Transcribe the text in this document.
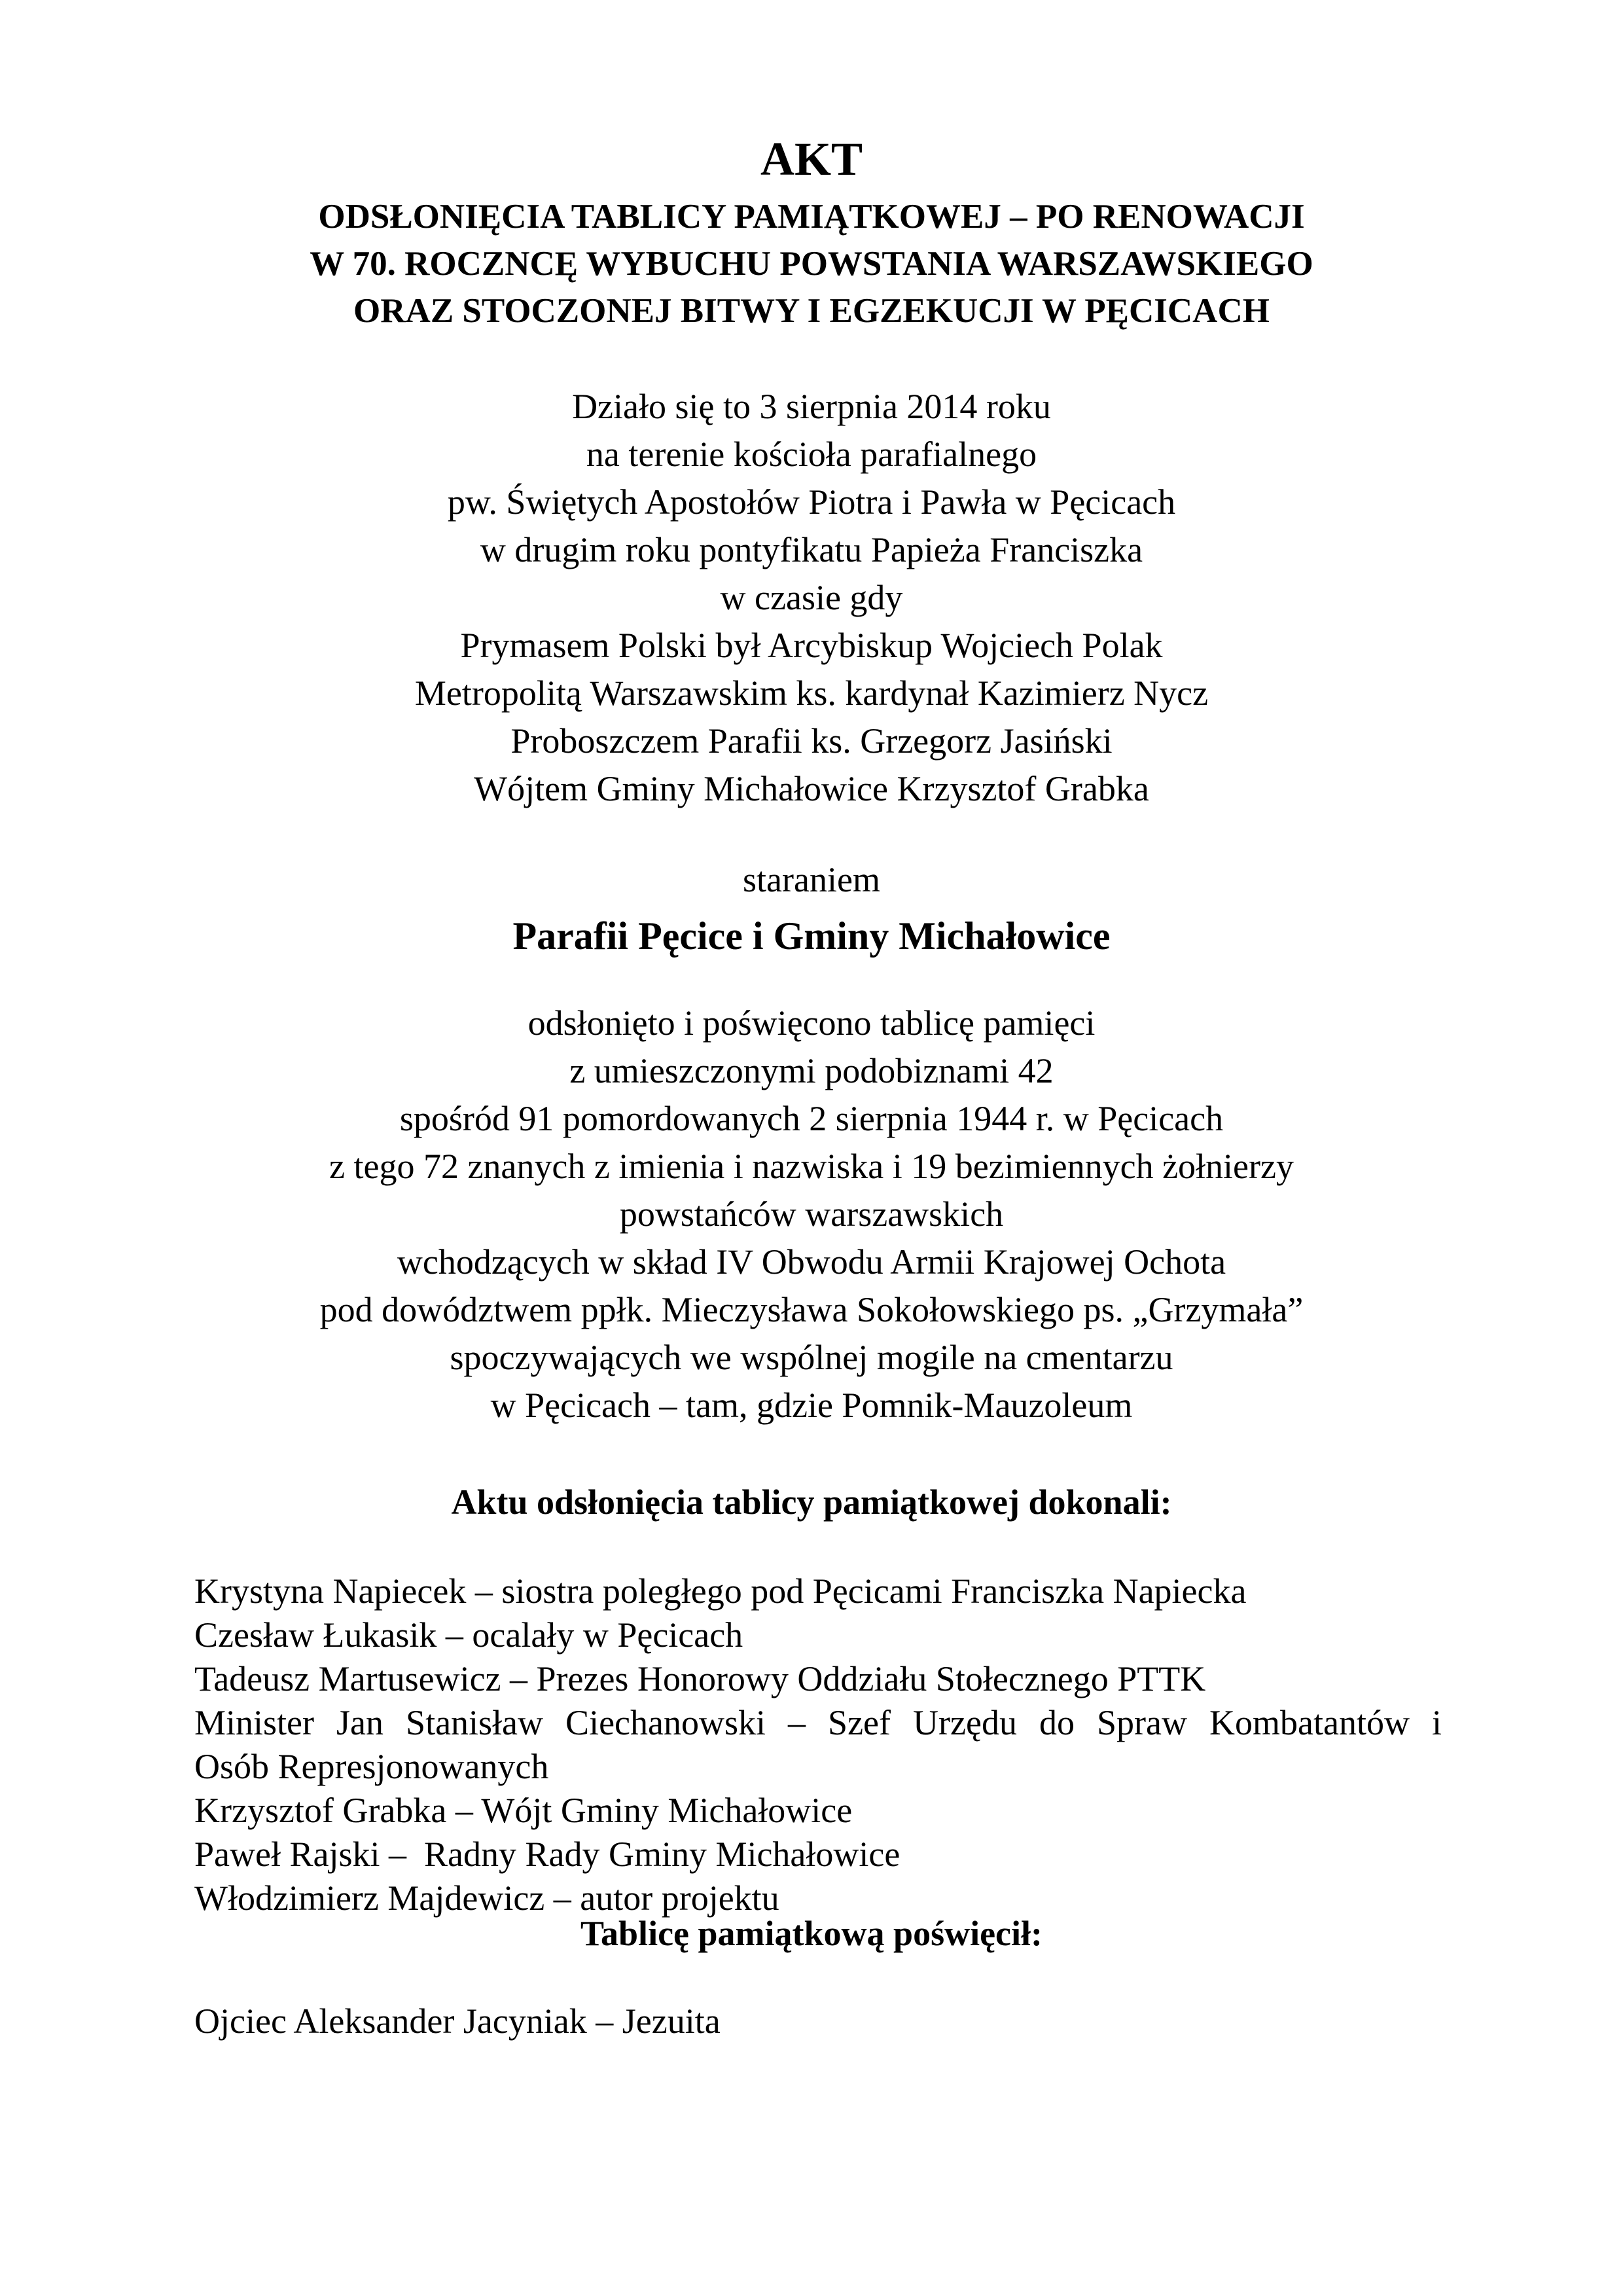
AKT
ODSŁONIĘCIA TABLICY PAMIĄTKOWEJ – PO RENOWACJI
W 70. ROCZNCĘ WYBUCHU POWSTANIA WARSZAWSKIEGO
ORAZ STOCZONEJ BITWY I EGZEKUCJI W PĘCICACH
Działo się to 3 sierpnia 2014 roku
na terenie kościoła parafialnego
pw. Świętych Apostołów Piotra i Pawła w Pęcicach
w drugim roku pontyfikatu Papieża Franciszka
w czasie gdy
Prymasem Polski był Arcybiskup Wojciech Polak
Metropolitą Warszawskim ks. kardynał Kazimierz Nycz
Proboszczem Parafii ks. Grzegorz Jasiński
Wójtem Gminy Michałowice Krzysztof Grabka
staraniem
Parafii Pęcice i Gminy Michałowice
odsłonięto i poświęcono tablicę pamięci
z umieszczonymi podobiznami 42
spośród 91 pomordowanych 2 sierpnia 1944 r. w Pęcicach
z tego 72 znanych z imienia i nazwiska i 19 bezimiennych żołnierzy
powstańców warszawskich
wchodzących w skład IV Obwodu Armii Krajowej Ochota
pod dowództwem ppłk. Mieczysława Sokołowskiego ps. „Grzymała”
spoczywających we wspólnej mogile na cmentarzu
w Pęcicach – tam, gdzie Pomnik-Mauzoleum
Aktu odsłonięcia tablicy pamiątkowej dokonali:
Krystyna Napiecek – siostra poległego pod Pęcicami Franciszka Napiecka
Czesław Łukasik – ocalały w Pęcicach
Tadeusz Martusewicz – Prezes Honorowy Oddziału Stołecznego PTTK
Minister Jan Stanisław Ciechanowski – Szef Urzędu do Spraw Kombatantów i
Osób Represjonowanych
Krzysztof Grabka – Wójt Gminy Michałowice
Paweł Rajski –  Radny Rady Gminy Michałowice
Włodzimierz Majdewicz – autor projektu
Tablicę pamiątkową poświęcił:
Ojciec Aleksander Jacyniak – Jezuita
